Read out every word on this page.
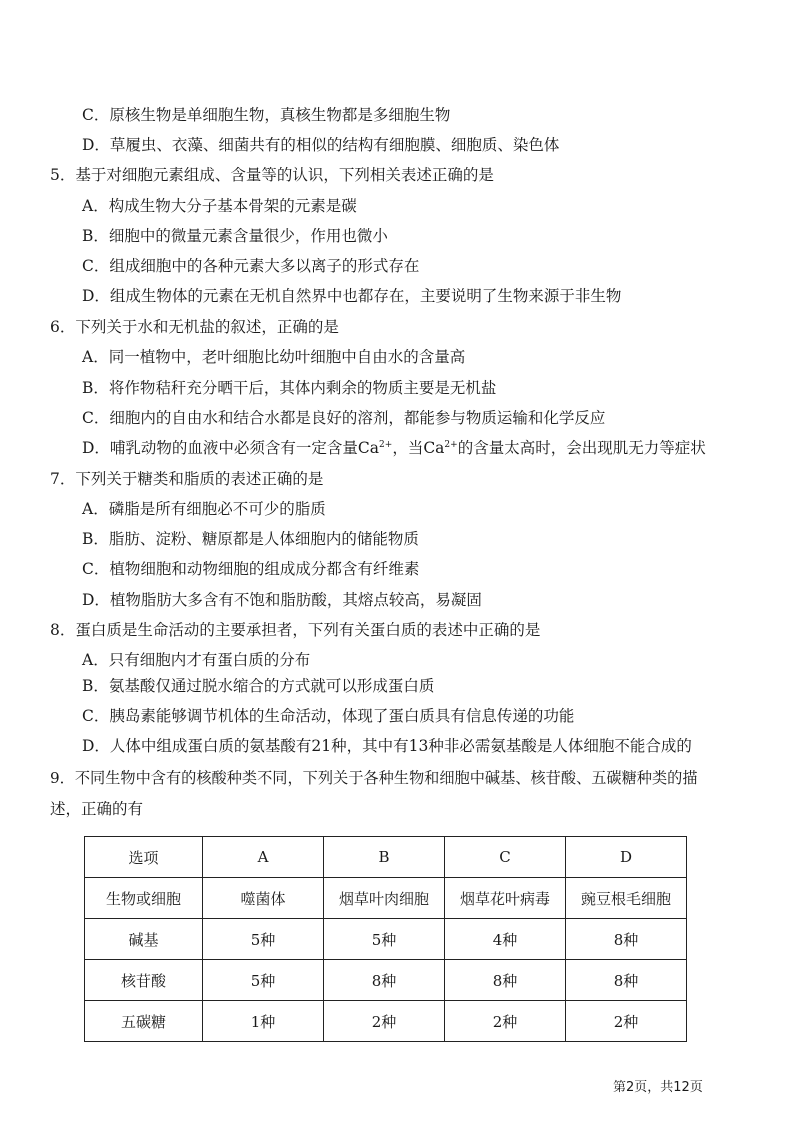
C．原核生物是单细胞生物，真核生物都是多细胞生物
D．草履虫、衣藻、细菌共有的相似的结构有细胞膜、细胞质、染色体
5．基于对细胞元素组成、含量等的认识，下列相关表述正确的是
A．构成生物大分子基本骨架的元素是碳
B．细胞中的微量元素含量很少，作用也微小
C．组成细胞中的各种元素大多以离子的形式存在
D．组成生物体的元素在无机自然界中也都存在，主要说明了生物来源于非生物
6．下列关于水和无机盐的叙述，正确的是
A．同一植物中，老叶细胞比幼叶细胞中自由水的含量高
B．将作物秸秆充分晒干后，其体内剩余的物质主要是无机盐
C．细胞内的自由水和结合水都是良好的溶剂，都能参与物质运输和化学反应
D．哺乳动物的血液中必须含有一定含量$Ca^{2+}$，当$Ca^{2+}$的含量太高时，会出现肌无力等症状
7．下列关于糖类和脂质的表述正确的是
A．磷脂是所有细胞必不可少的脂质
B．脂肪、淀粉、糖原都是人体细胞内的储能物质
C．植物细胞和动物细胞的组成成分都含有纤维素
D．植物脂肪大多含有不饱和脂肪酸，其熔点较高，易凝固
8．蛋白质是生命活动的主要承担者，下列有关蛋白质的表述中正确的是
A．只有细胞内才有蛋白质的分布
B．氨基酸仅通过脱水缩合的方式就可以形成蛋白质
C．胰岛素能够调节机体的生命活动，体现了蛋白质具有信息传递的功能
D．人体中组成蛋白质的氨基酸有21种，其中有13种非必需氨基酸是人体细胞不能合成的
9．不同生物中含有的核酸种类不同，下列关于各种生物和细胞中碱基、核苷酸、五碳糖种类的描
述，正确的有
选项	A	B	C	D
生物或细胞	噬菌体	烟草叶肉细胞	烟草花叶病毒	豌豆根毛细胞
碱基	5种	5种	4种	8种
核苷酸	5种	8种	8种	8种
五碳糖	1种	2种	2种	2种
第2页，共12页
